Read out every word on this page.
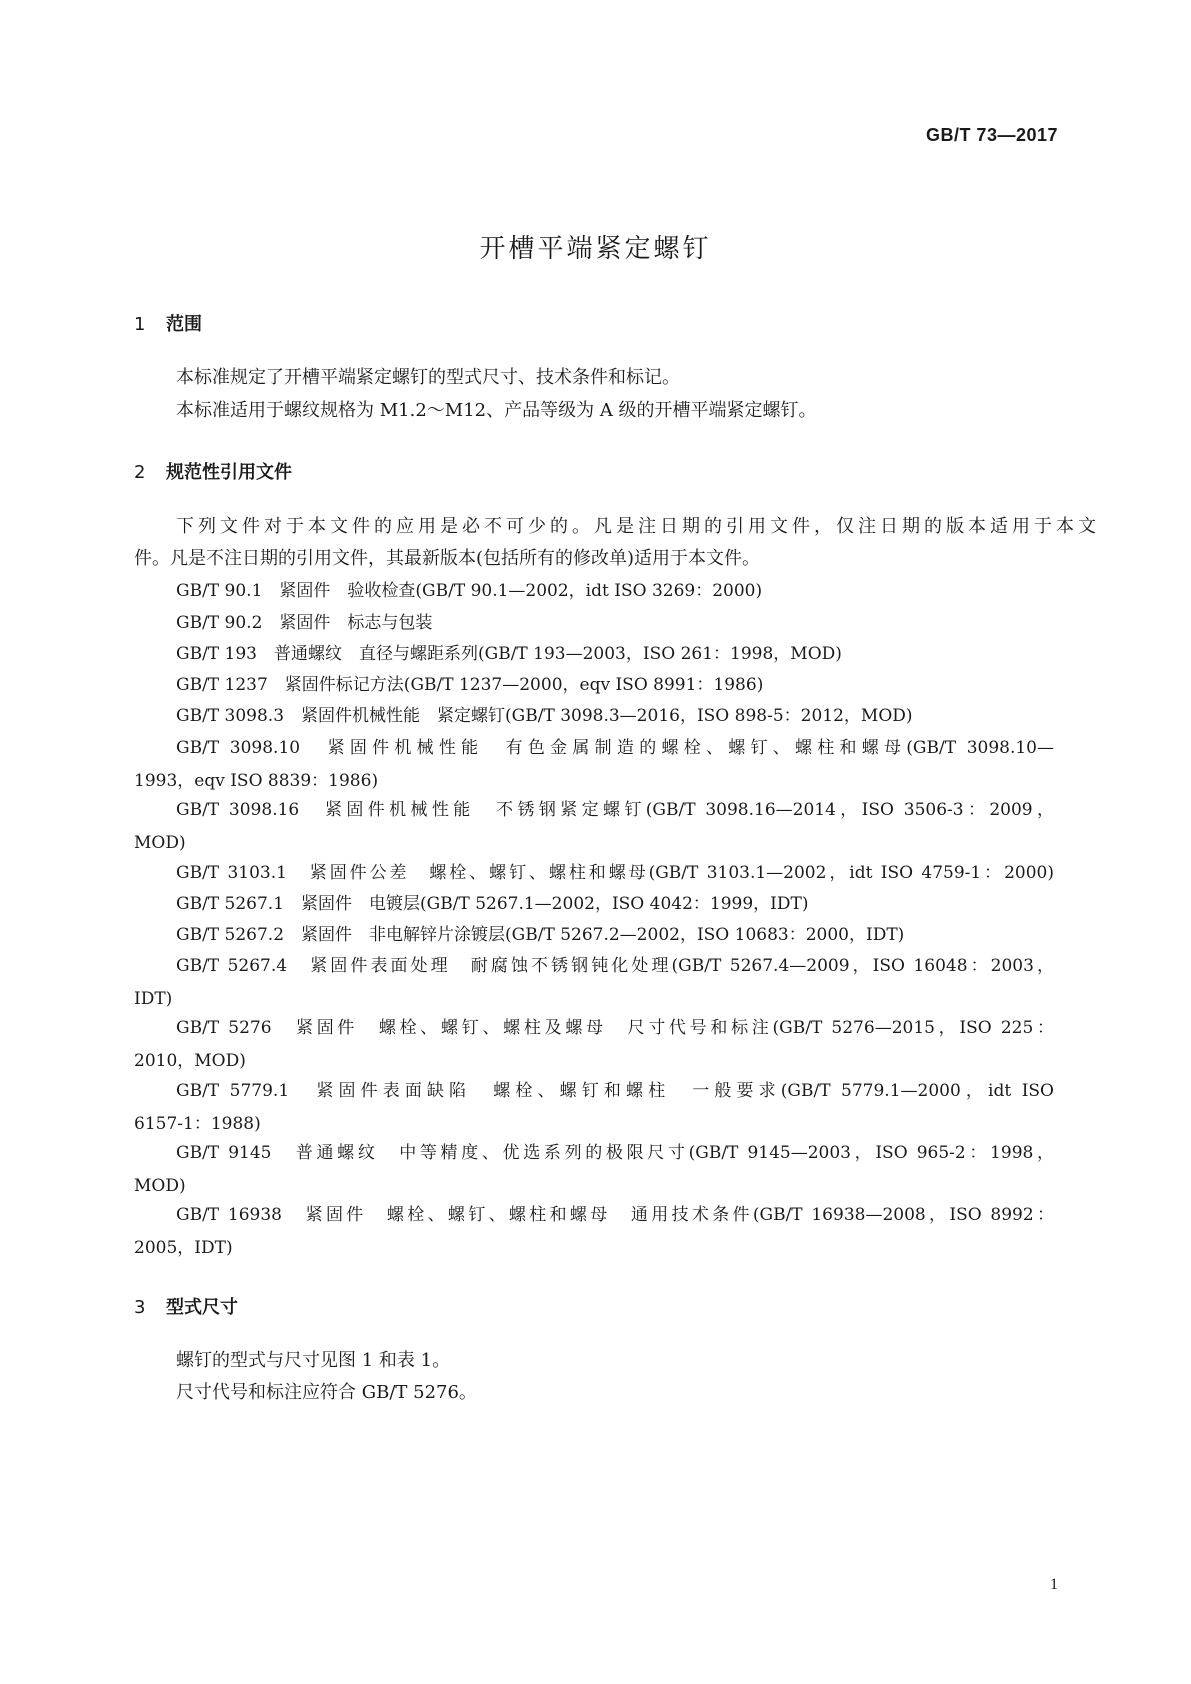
GB/T 73—2017
开槽平端紧定螺钉
1 范围
本标准规定了开槽平端紧定螺钉的型式尺寸、技术条件和标记。
本标准适用于螺纹规格为 M1.2～M12、产品等级为 A 级的开槽平端紧定螺钉。
2 规范性引用文件
下列文件对于本文件的应用是必不可少的。凡是注日期的引用文件，仅注日期的版本适用于本文
件。凡是不注日期的引用文件，其最新版本(包括所有的修改单)适用于本文件。
GB/T 90.1　紧固件　验收检查(GB/T 90.1—2002，idt ISO 3269：2000)
GB/T 90.2　紧固件　标志与包装
GB/T 193　普通螺纹　直径与螺距系列(GB/T 193—2003，ISO 261：1998，MOD)
GB/T 1237　紧固件标记方法(GB/T 1237—2000，eqv ISO 8991：1986)
GB/T 3098.3　紧固件机械性能　紧定螺钉(GB/T 3098.3—2016，ISO 898-5：2012，MOD)
GB/T 3098.10　紧固件机械性能　有色金属制造的螺栓、螺钉、螺柱和螺母(GB/T 3098.10—
1993，eqv ISO 8839：1986)
GB/T 3098.16　紧固件机械性能　不锈钢紧定螺钉(GB/T 3098.16—2014，ISO 3506-3：2009，
MOD)
GB/T 3103.1　紧固件公差　螺栓、螺钉、螺柱和螺母(GB/T 3103.1—2002，idt ISO 4759-1：2000)
GB/T 5267.1　紧固件　电镀层(GB/T 5267.1—2002，ISO 4042：1999，IDT)
GB/T 5267.2　紧固件　非电解锌片涂镀层(GB/T 5267.2—2002，ISO 10683：2000，IDT)
GB/T 5267.4　紧固件表面处理　耐腐蚀不锈钢钝化处理(GB/T 5267.4—2009，ISO 16048：2003，
IDT)
GB/T 5276　紧固件　螺栓、螺钉、螺柱及螺母　尺寸代号和标注(GB/T 5276—2015，ISO 225：
2010，MOD)
GB/T 5779.1　紧固件表面缺陷　螺栓、螺钉和螺柱　一般要求(GB/T 5779.1—2000，idt ISO
6157-1：1988)
GB/T 9145　普通螺纹　中等精度、优选系列的极限尺寸(GB/T 9145—2003，ISO 965-2：1998，
MOD)
GB/T 16938　紧固件　螺栓、螺钉、螺柱和螺母　通用技术条件(GB/T 16938—2008，ISO 8992：
2005，IDT)
3 型式尺寸
螺钉的型式与尺寸见图 1 和表 1。
尺寸代号和标注应符合 GB/T 5276。
1
